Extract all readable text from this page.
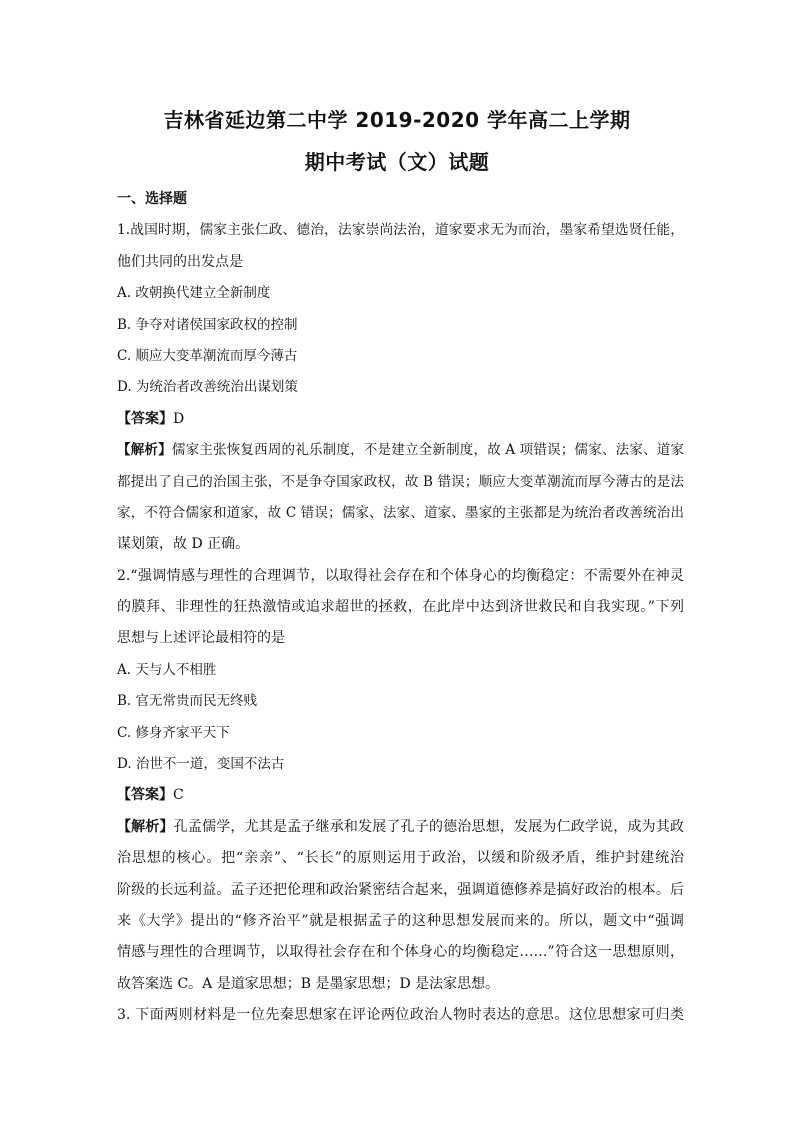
吉林省延边第二中学 2019-2020 学年高二上学期
期中考试（文）试题
一、选择题
1.战国时期，儒家主张仁政、德治，法家崇尚法治，道家要求无为而治，墨家希望选贤任能，
他们共同的出发点是
A. 改朝换代建立全新制度
B. 争夺对诸侯国家政权的控制
C. 顺应大变革潮流而厚今薄古
D. 为统治者改善统治出谋划策
【答案】D
【解析】儒家主张恢复西周的礼乐制度，不是建立全新制度，故 A 项错误；儒家、法家、道家
都提出了自己的治国主张，不是争夺国家政权，故 B 错误；顺应大变革潮流而厚今薄古的是法
家，不符合儒家和道家，故 C 错误；儒家、法家、道家、墨家的主张都是为统治者改善统治出
谋划策，故 D 正确。
2.“强调情感与理性的合理调节，以取得社会存在和个体身心的均衡稳定：不需要外在神灵
的膜拜、非理性的狂热激情或追求超世的拯救，在此岸中达到济世救民和自我实现。”下列
思想与上述评论最相符的是
A. 天与人不相胜
B. 官无常贵而民无终贱
C. 修身齐家平天下
D. 治世不一道，变国不法古
【答案】C
【解析】孔孟儒学，尤其是孟子继承和发展了孔子的德治思想，发展为仁政学说，成为其政
治思想的核心。把“亲亲”、“长长”的原则运用于政治，以缓和阶级矛盾，维护封建统治
阶级的长远利益。孟子还把伦理和政治紧密结合起来，强调道德修养是搞好政治的根本。后
来《大学》提出的“修齐治平”就是根据孟子的这种思想发展而来的。所以，题文中“强调
情感与理性的合理调节，以取得社会存在和个体身心的均衡稳定……”符合这一思想原则，
故答案选 C。A 是道家思想；B 是墨家思想；D 是法家思想。
3. 下面两则材料是一位先秦思想家在评论两位政治人物时表达的意思。这位思想家可归类
